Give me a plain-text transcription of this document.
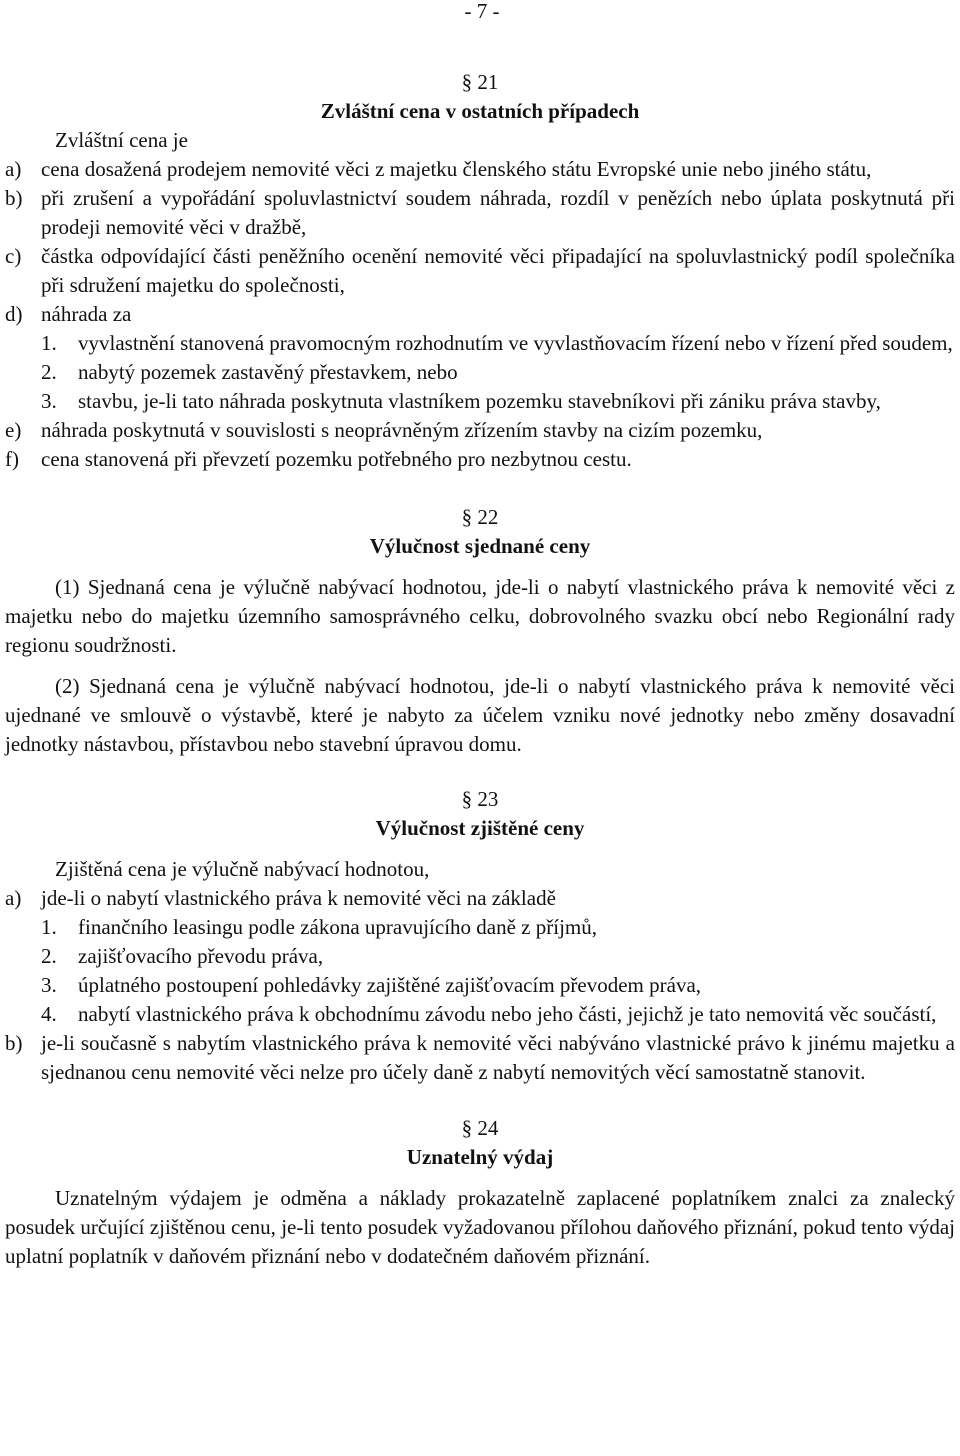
- 7 -
§ 21
Zvláštní cena v ostatních případech
Zvláštní cena je
a) cena dosažená prodejem nemovité věci z majetku členského státu Evropské unie nebo jiného státu,
b) při zrušení a vypořádání spoluvlastnictví soudem náhrada, rozdíl v penězích nebo úplata poskytnutá při prodeji nemovité věci v dražbě,
c) částka odpovídající části peněžního ocenění nemovité věci připadající na spoluvlastnický podíl společníka při sdružení majetku do společnosti,
d) náhrada za
1.	vyvlastnění stanovená pravomocným rozhodnutím ve vyvlastňovacím řízení nebo v řízení před soudem,
2.	nabytý pozemek zastavěný přestavkem, nebo
3.	stavbu, je-li tato náhrada poskytnuta vlastníkem pozemku stavebníkovi při zániku práva stavby,
e) náhrada poskytnutá v souvislosti s neoprávněným zřízením stavby na cizím pozemku,
f)	cena stanovená při převzetí pozemku potřebného pro nezbytnou cestu.
§ 22
Výlučnost sjednané ceny
(1) Sjednaná cena je výlučně nabývací hodnotou, jde-li o nabytí vlastnického práva k nemovité věci z majetku nebo do majetku územního samosprávného celku, dobrovolného svazku obcí nebo Regionální rady regionu soudržnosti.
(2) Sjednaná cena je výlučně nabývací hodnotou, jde-li o nabytí vlastnického práva k nemovité věci ujednané ve smlouvě o výstavbě, které je nabyto za účelem vzniku nové jednotky nebo změny dosavadní jednotky nástavbou, přístavbou nebo stavební úpravou domu.
§ 23
Výlučnost zjištěné ceny
Zjištěná cena je výlučně nabývací hodnotou,
a) jde-li o nabytí vlastnického práva k nemovité věci na základě
1.	finančního leasingu podle zákona upravujícího daně z příjmů,
2.	zajišťovacího převodu práva,
3.	úplatného postoupení pohledávky zajištěné zajišťovacím převodem práva,
4.	nabytí vlastnického práva k obchodnímu závodu nebo jeho části, jejichž je tato nemovitá věc součástí,
b) je-li současně s nabytím vlastnického práva k nemovité věci nabýváno vlastnické právo k jinému majetku a sjednanou cenu nemovité věci nelze pro účely daně z nabytí nemovitých věcí samostatně stanovit.
§ 24
Uznatelný výdaj
Uznatelným výdajem je odměna a náklady prokazatelně zaplacené poplatníkem znalci za znalecký posudek určující zjištěnou cenu, je-li tento posudek vyžadovanou přílohou daňového přiznání, pokud tento výdaj uplatní poplatník v daňovém přiznání nebo v dodatečném daňovém přiznání.
